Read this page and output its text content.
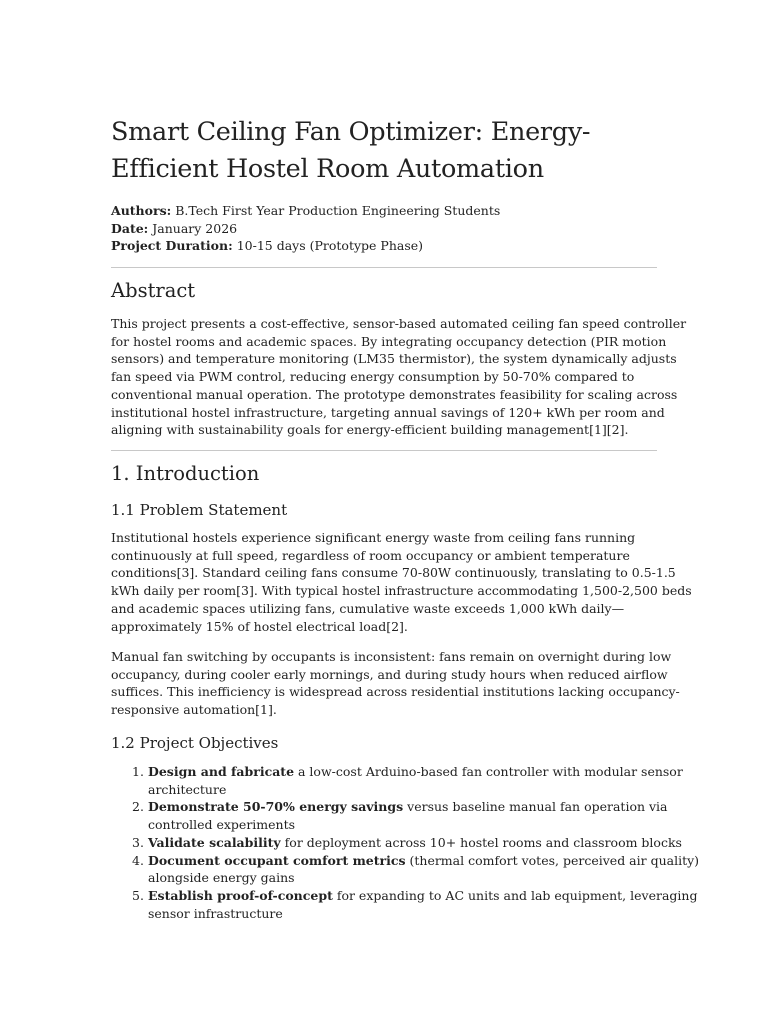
Smart Ceiling Fan Optimizer: Energy-
Efficient Hostel Room Automation
Authors: B.Tech First Year Production Engineering Students
Date: January 2026
Project Duration: 10-15 days (Prototype Phase)
Abstract
This project presents a cost-effective, sensor-based automated ceiling fan speed controller
for hostel rooms and academic spaces. By integrating occupancy detection (PIR motion
sensors) and temperature monitoring (LM35 thermistor), the system dynamically adjusts
fan speed via PWM control, reducing energy consumption by 50-70% compared to
conventional manual operation. The prototype demonstrates feasibility for scaling across
institutional hostel infrastructure, targeting annual savings of 120+ kWh per room and
aligning with sustainability goals for energy-efficient building management[1][2].
1. Introduction
1.1 Problem Statement
Institutional hostels experience significant energy waste from ceiling fans running
continuously at full speed, regardless of room occupancy or ambient temperature
conditions[3]. Standard ceiling fans consume 70-80W continuously, translating to 0.5-1.5
kWh daily per room[3]. With typical hostel infrastructure accommodating 1,500-2,500 beds
and academic spaces utilizing fans, cumulative waste exceeds 1,000 kWh daily—
approximately 15% of hostel electrical load[2].
Manual fan switching by occupants is inconsistent: fans remain on overnight during low
occupancy, during cooler early mornings, and during study hours when reduced airflow
suffices. This inefficiency is widespread across residential institutions lacking occupancy-
responsive automation[1].
1.2 Project Objectives
1. Design and fabricate a low-cost Arduino-based fan controller with modular sensor
architecture
2. Demonstrate 50-70% energy savings versus baseline manual fan operation via
controlled experiments
3. Validate scalability for deployment across 10+ hostel rooms and classroom blocks
4. Document occupant comfort metrics (thermal comfort votes, perceived air quality)
alongside energy gains
5. Establish proof-of-concept for expanding to AC units and lab equipment, leveraging
sensor infrastructure
